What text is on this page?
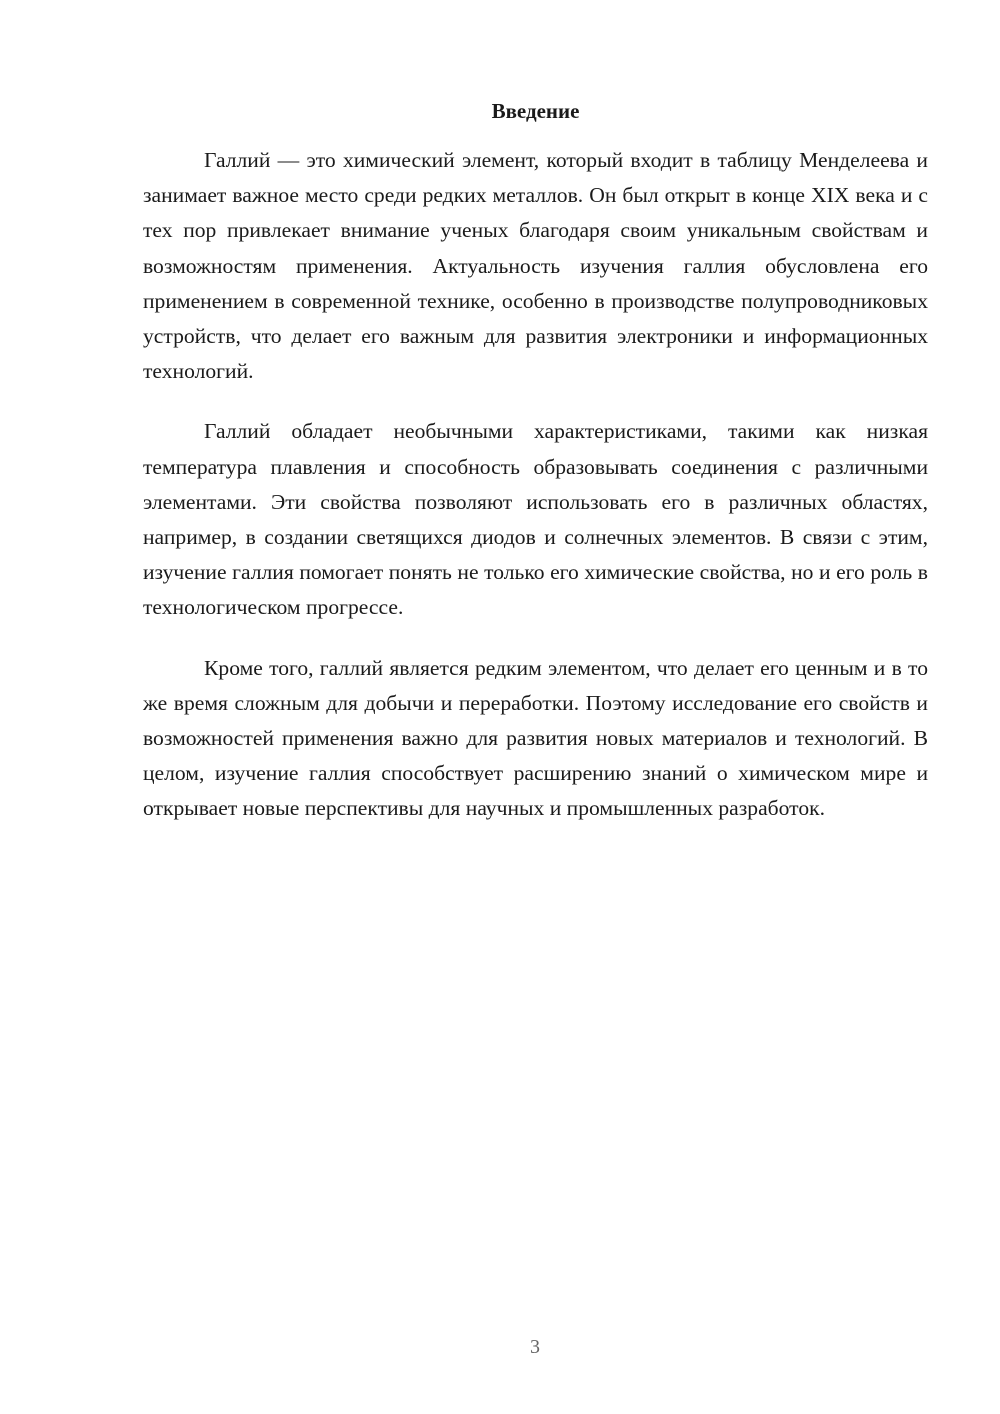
Введение

Галлий — это химический элемент, который входит в таблицу Менделеева и занимает важное место среди редких металлов. Он был открыт в конце XIX века и с тех пор привлекает внимание ученых благодаря своим уникальным свойствам и возможностям применения. Актуальность изучения галлия обусловлена его применением в современной технике, особенно в производстве полупроводниковых устройств, что делает его важным для развития электроники и информационных технологий.

Галлий обладает необычными характеристиками, такими как низкая температура плавления и способность образовывать соединения с различными элементами. Эти свойства позволяют использовать его в различных областях, например, в создании светящихся диодов и солнечных элементов. В связи с этим, изучение галлия помогает понять не только его химические свойства, но и его роль в технологическом прогрессе.

Кроме того, галлий является редким элементом, что делает его ценным и в то же время сложным для добычи и переработки. Поэтому исследование его свойств и возможностей применения важно для развития новых материалов и технологий. В целом, изучение галлия способствует расширению знаний о химическом мире и открывает новые перспективы для научных и промышленных разработок.

3
